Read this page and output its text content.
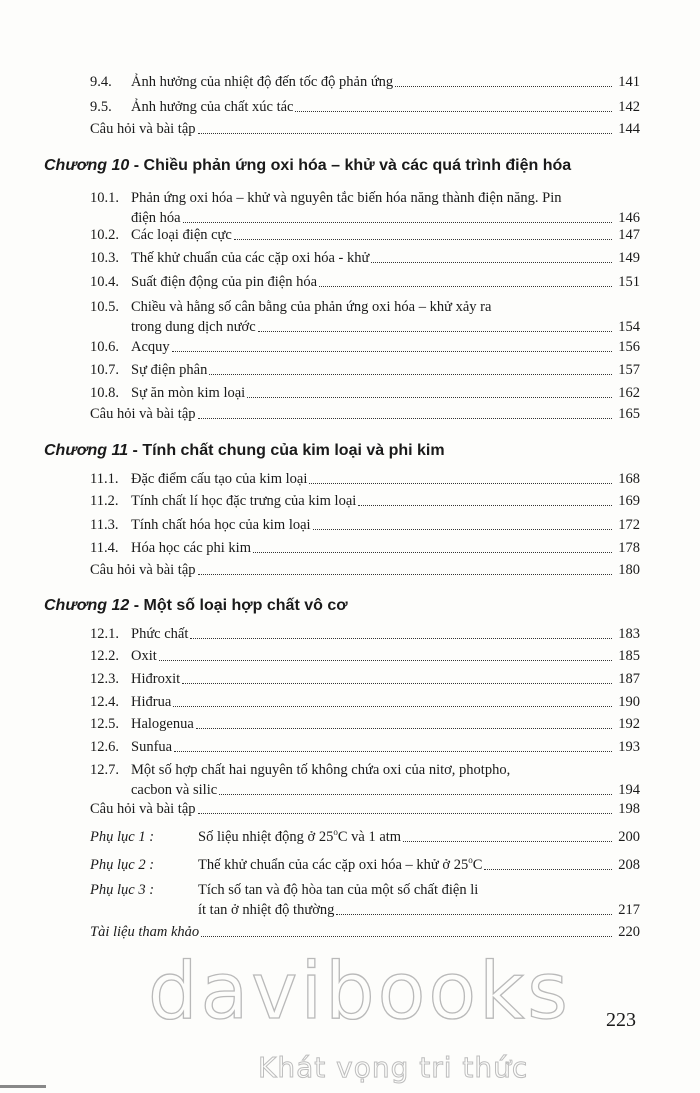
9.4.	Ảnh hưởng của nhiệt độ đến tốc độ phản ứng	141
9.5.	Ảnh hưởng của chất xúc tác	142
Câu hỏi và bài tập	144
Chương 10 - Chiều phản ứng oxi hóa – khử và các quá trình điện hóa
10.1. Phản ứng oxi hóa – khử và nguyên tắc biến hóa năng thành điện năng. Pin
điện hóa	146
10.2. Các loại điện cực	147
10.3. Thế khử chuẩn của các cặp oxi hóa - khử	149
10.4. Suất điện động của pin điện hóa	151
10.5. Chiều và hằng số cân bằng của phản ứng oxi hóa – khử xảy ra
trong dung dịch nước	154
10.6. Acquy	156
10.7. Sự điện phân	157
10.8. Sự ăn mòn kim loại	162
Câu hỏi và bài tập	165
Chương 11 - Tính chất chung của kim loại và phi kim
11.1. Đặc điểm cấu tạo của kim loại	168
11.2. Tính chất lí học đặc trưng của kim loại	169
11.3. Tính chất hóa học của kim loại	172
11.4. Hóa học các phi kim	178
Câu hỏi và bài tập	180
Chương 12 - Một số loại hợp chất vô cơ
12.1. Phức chất	183
12.2. Oxit	185
12.3. Hiđroxit	187
12.4. Hiđrua	190
12.5. Halogenua	192
12.6. Sunfua	193
12.7. Một số hợp chất hai nguyên tố không chứa oxi của nitơ, photpho,
cacbon và silic	194
Câu hỏi và bài tập	198
Phụ lục 1 :	Số liệu nhiệt động ở 25$^o$C và 1 atm	200
Phụ lục 2 :	Thế khử chuẩn của các cặp oxi hóa – khử ở 25$^o$C	208
Phụ lục 3 :	Tích số tan và độ hòa tan của một số chất điện li
ít tan ở nhiệt độ thường	217
Tài liệu tham khảo	220
davibooks
Khát vọng tri thức
223
